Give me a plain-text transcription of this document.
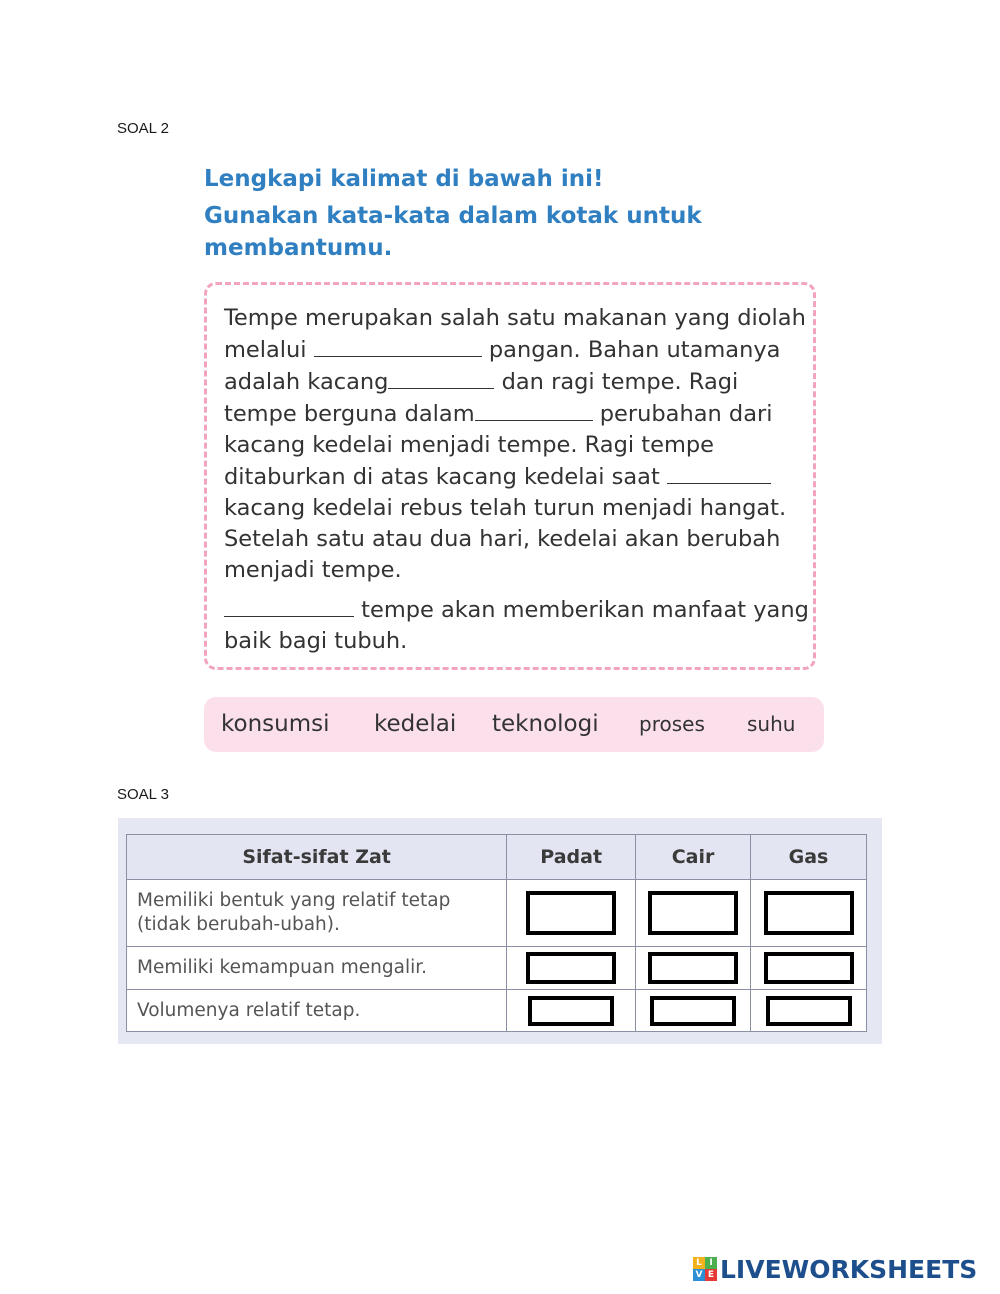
SOAL 2
Lengkapi kalimat di bawah ini!
Gunakan kata-kata dalam kotak untuk membantumu.
Tempe merupakan salah satu makanan yang diolah melalui	pangan. Bahan utamanya adalah kacang	dan ragi tempe. Ragi tempe berguna dalam	perubahan dari kacang kedelai menjadi tempe. Ragi tempe ditaburkan di atas kacang kedelai saat  kacang kedelai rebus telah turun menjadi hangat. Setelah satu atau dua hari, kedelai akan berubah menjadi tempe.
tempe akan memberikan manfaat yang baik bagi tubuh.
konsumsi kedelai teknologi proses suhu
SOAL 3
Sifat-sifat Zat	Padat	Cair	Gas
Memiliki bentuk yang relatif tetap (tidak berubah-ubah).			
Memiliki kemampuan mengalir.			
Volumenya relatif tetap.			
L I
V E LIVEWORKSHEETS
